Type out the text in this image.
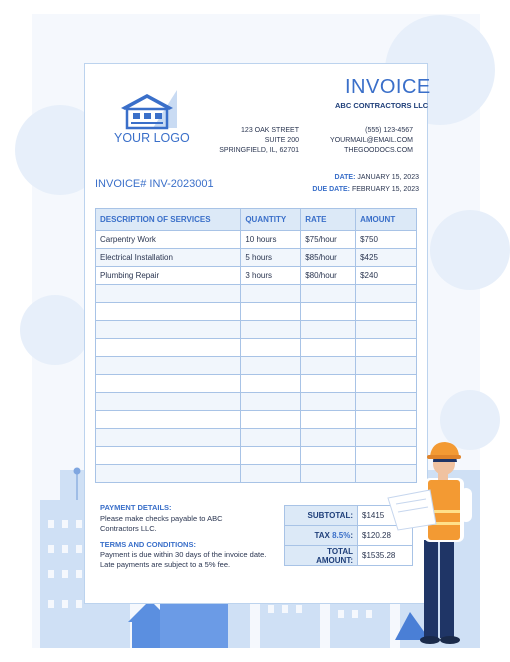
YOUR LOGO
INVOICE
ABC CONTRACTORS LLC
123 OAK STREET
SUITE 200
SPRINGFIELD, IL, 62701
(555) 123-4567
YOURMAIL@EMAIL.COM
THEGOODOCS.COM
INVOICE# INV-2023001
DATE: JANUARY 15, 2023
DUE DATE: FEBRUARY 15, 2023
DESCRIPTION OF SERVICES	QUANTITY	RATE	AMOUNT
Carpentry Work	10 hours	$75/hour	$750
Electrical Installation	5 hours	$85/hour	$425
Plumbing Repair	3 hours	$80/hour	$240

PAYMENT DETAILS:
Please make checks payable to ABC Contractors LLC.
TERMS AND CONDITIONS:
Payment is due within 30 days of the invoice date. Late payments are subject to a 5% fee.
SUBTOTAL:	$1415
TAX 8.5%:	$120.28
TOTAL AMOUNT:	$1535.28
